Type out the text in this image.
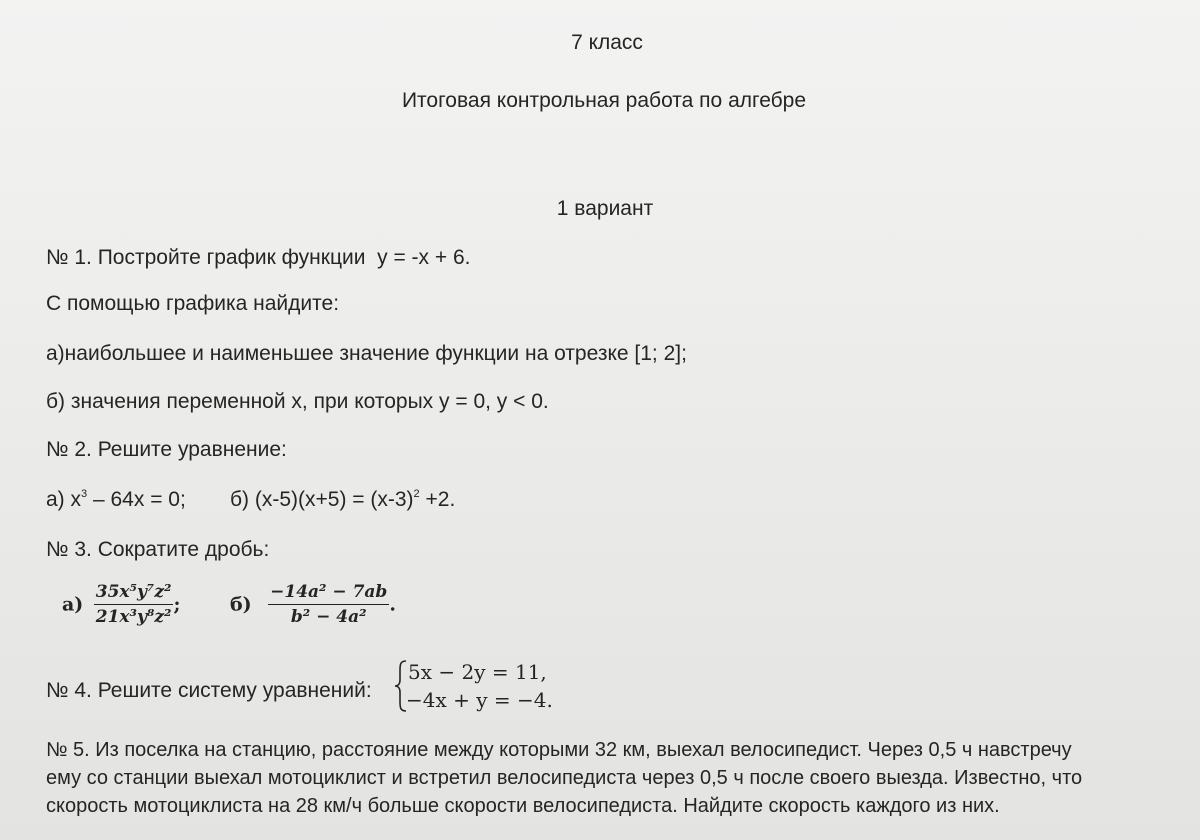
7 класс
Итоговая контрольная работа по алгебре
1 вариант
№ 1. Постройте график функции y = -x + 6.
С помощью графика найдите:
а)наибольшее и наименьшее значение функции на отрезке [1; 2];
б) значения переменной x, при которых y = 0, y < 0.
№ 2. Решите уравнение:
а) $x^3 - 64x = 0$; б) $(x-5)(x+5) = (x-3)^2 +2$.
№ 3. Сократите дробь:
$а) \frac{\text{35x⁵y⁷z²}}{\text{21x³y⁸z²}}$ ;	$б) \frac{\text{−14a² − 7ab}}{\text{b² − 4a²}}$ .
№ 4. Решите систему уравнений:
5x − 2y = 11,
−4x + y = −4.
№ 5. Из поселка на станцию, расстояние между которыми 32 км, выехал велосипедист. Через 0,5 ч навстречу
ему со станции выехал мотоциклист и встретил велосипедиста через 0,5 ч после своего выезда. Известно, что
скорость мотоциклиста на 28 км/ч больше скорости велосипедиста. Найдите скорость каждого из них.
